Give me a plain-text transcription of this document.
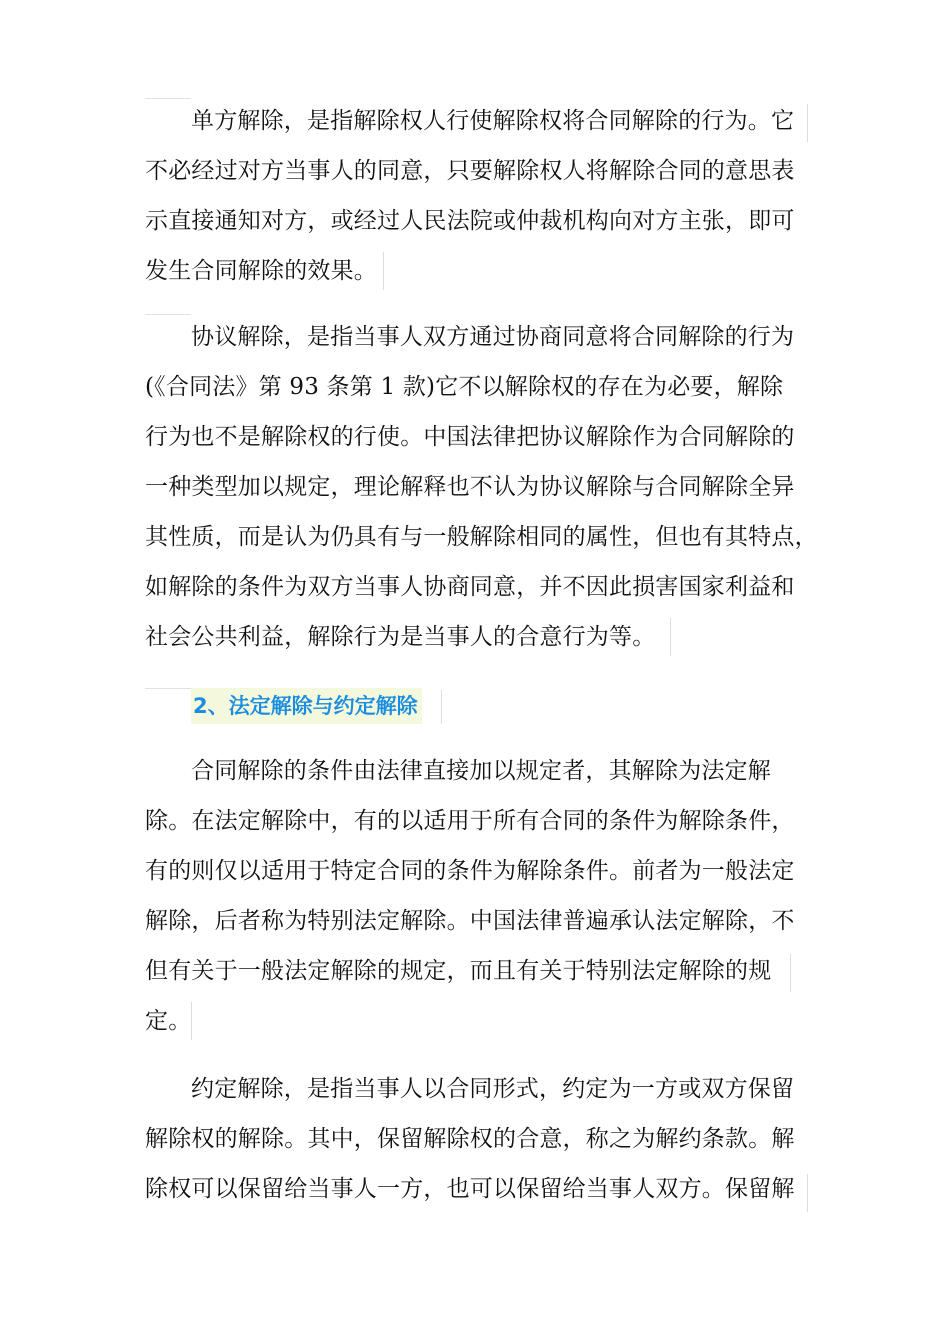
单方解除，是指解除权人行使解除权将合同解除的行为。它
不必经过对方当事人的同意，只要解除权人将解除合同的意思表
示直接通知对方，或经过人民法院或仲裁机构向对方主张，即可
发生合同解除的效果。
协议解除，是指当事人双方通过协商同意将合同解除的行为
(《合同法》第 93 条第 1 款)它不以解除权的存在为必要，解除
行为也不是解除权的行使。中国法律把协议解除作为合同解除的
一种类型加以规定，理论解释也不认为协议解除与合同解除全异
其性质，而是认为仍具有与一般解除相同的属性，但也有其特点，
如解除的条件为双方当事人协商同意，并不因此损害国家利益和
社会公共利益，解除行为是当事人的合意行为等。
2、法定解除与约定解除
合同解除的条件由法律直接加以规定者，其解除为法定解
除。在法定解除中，有的以适用于所有合同的条件为解除条件，
有的则仅以适用于特定合同的条件为解除条件。前者为一般法定
解除，后者称为特别法定解除。中国法律普遍承认法定解除，不
但有关于一般法定解除的规定，而且有关于特别法定解除的规
定。
约定解除，是指当事人以合同形式，约定为一方或双方保留
解除权的解除。其中，保留解除权的合意，称之为解约条款。解
除权可以保留给当事人一方，也可以保留给当事人双方。保留解
